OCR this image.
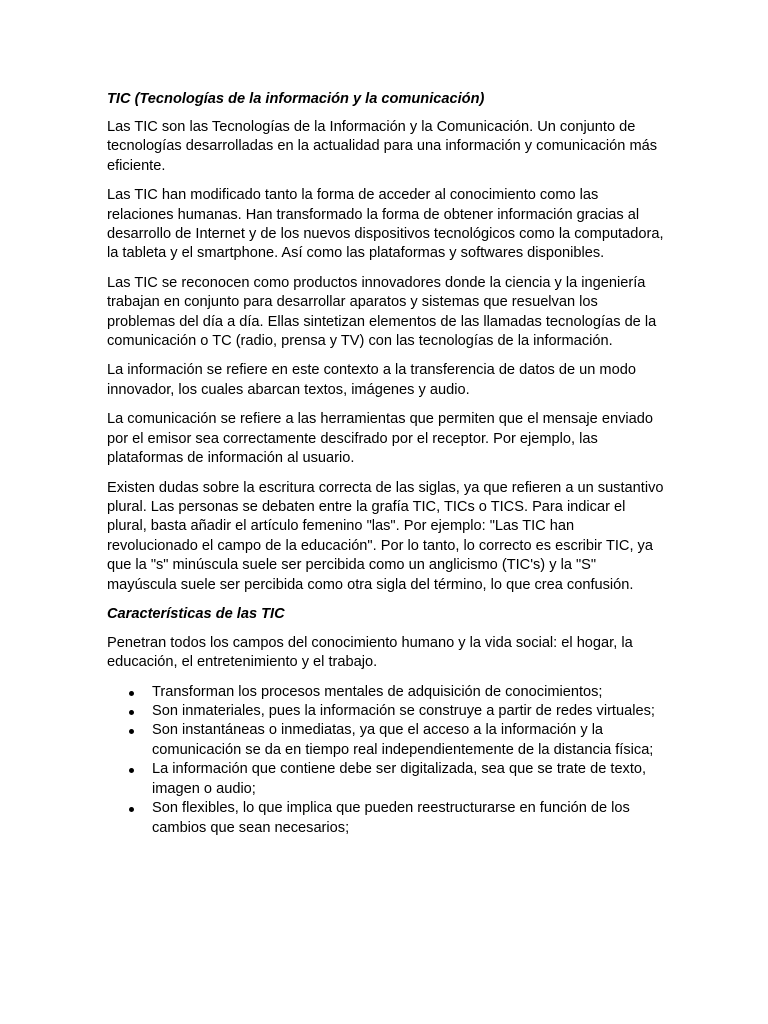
TIC (Tecnologías de la información y la comunicación)

Las TIC son las Tecnologías de la Información y la Comunicación. Un conjunto de tecnologías desarrolladas en la actualidad para una información y comunicación más eficiente.

Las TIC han modificado tanto la forma de acceder al conocimiento como las relaciones humanas. Han transformado la forma de obtener información gracias al desarrollo de Internet y de los nuevos dispositivos tecnológicos como la computadora, la tableta y el smartphone. Así como las plataformas y softwares disponibles.

Las TIC se reconocen como productos innovadores donde la ciencia y la ingeniería trabajan en conjunto para desarrollar aparatos y sistemas que resuelvan los problemas del día a día. Ellas sintetizan elementos de las llamadas tecnologías de la comunicación o TC (radio, prensa y TV) con las tecnologías de la información.

La información se refiere en este contexto a la transferencia de datos de un modo innovador, los cuales abarcan textos, imágenes y audio.

La comunicación se refiere a las herramientas que permiten que el mensaje enviado por el emisor sea correctamente descifrado por el receptor. Por ejemplo, las plataformas de información al usuario.

Existen dudas sobre la escritura correcta de las siglas, ya que refieren a un sustantivo plural. Las personas se debaten entre la grafía TIC, TICs o TICS. Para indicar el plural, basta añadir el artículo femenino "las". Por ejemplo: "Las TIC han revolucionado el campo de la educación". Por lo tanto, lo correcto es escribir TIC, ya que la "s" minúscula suele ser percibida como un anglicismo (TIC's) y la "S" mayúscula suele ser percibida como otra sigla del término, lo que crea confusión.

Características de las TIC

Penetran todos los campos del conocimiento humano y la vida social: el hogar, la educación, el entretenimiento y el trabajo.

Transforman los procesos mentales de adquisición de conocimientos;
Son inmateriales, pues la información se construye a partir de redes virtuales;
Son instantáneas o inmediatas, ya que el acceso a la información y la comunicación se da en tiempo real independientemente de la distancia física;
La información que contiene debe ser digitalizada, sea que se trate de texto, imagen o audio;
Son flexibles, lo que implica que pueden reestructurarse en función de los cambios que sean necesarios;
